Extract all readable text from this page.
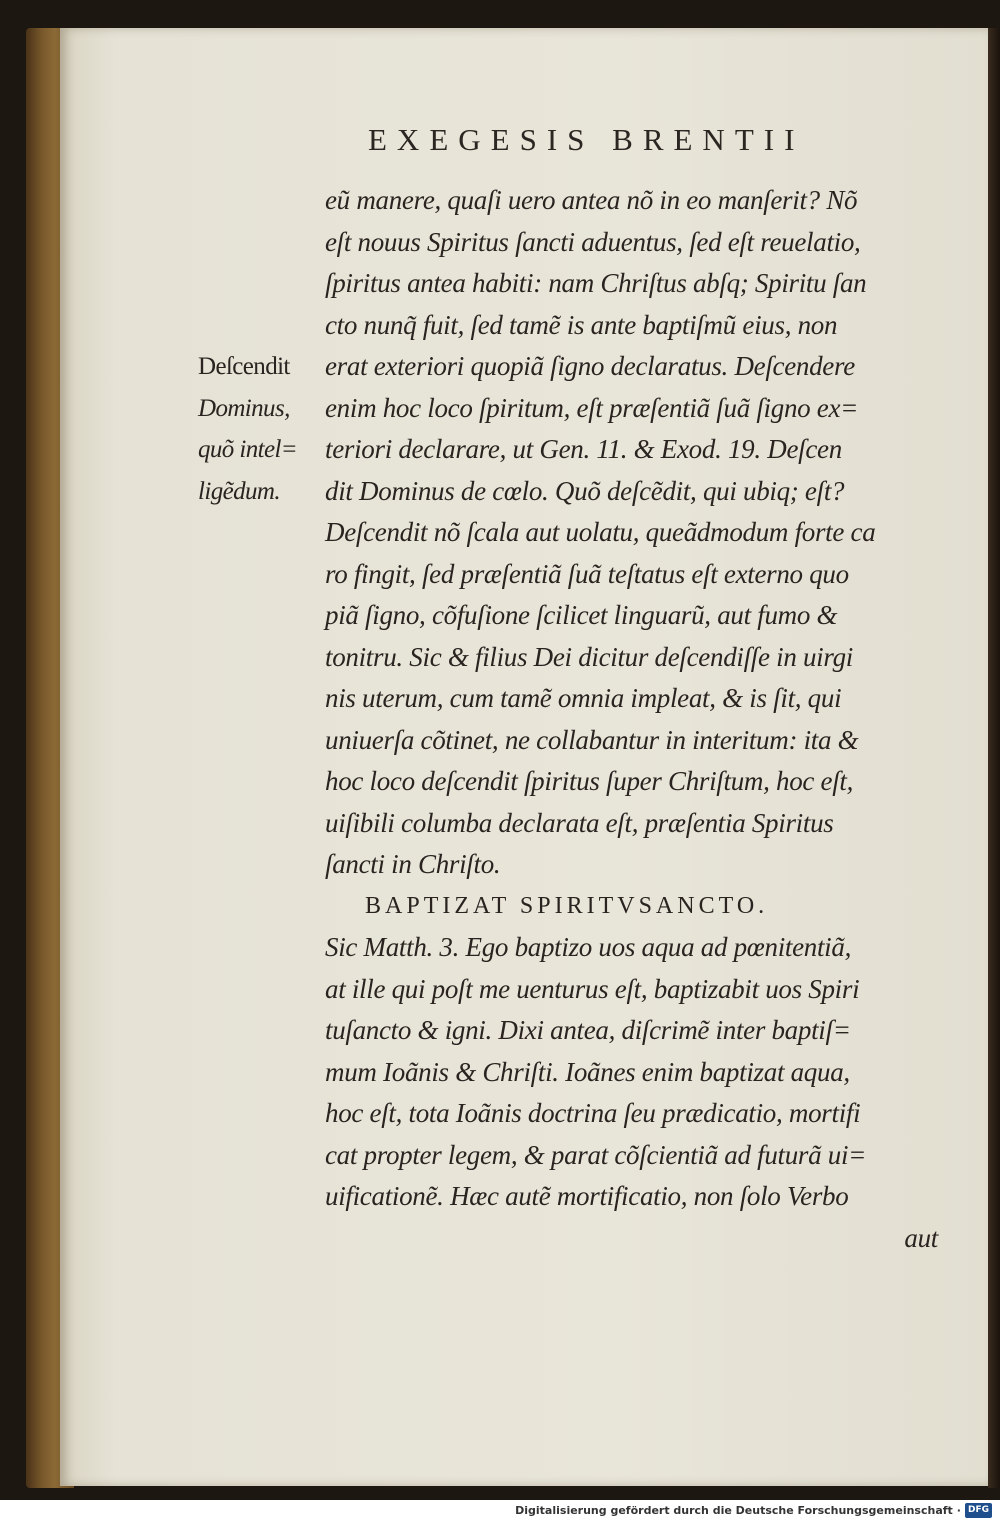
EXEGESIS BRENTII
Deſcendit
Dominus,
quõ intel=
ligẽdum.
eũ manere, quaſi uero antea nõ in eo manſerit? Nõ
eſt nouus Spiritus ſancti aduentus, ſed eſt reuelatio,
ſpiritus antea habiti: nam Chriſtus abſq; Spiritu ſan
cto nunq̃ fuit, ſed tamẽ is ante baptiſmũ eius, non
erat exteriori quopiã ſigno declaratus. Deſcendere
enim hoc loco ſpiritum, eſt præſentiã ſuã ſigno ex=
teriori declarare, ut Gen. 11. & Exod. 19. Deſcen
dit Dominus de cœlo. Quõ deſcẽdit, qui ubiq; eſt?
Deſcendit nõ ſcala aut uolatu, queãdmodum forte ca
ro fingit, ſed præſentiã ſuã teſtatus eſt externo quo
piã ſigno, cõfuſione ſcilicet linguarũ, aut fumo &
tonitru. Sic & filius Dei dicitur deſcendiſſe in uirgi
nis uterum, cum tamẽ omnia impleat, & is ſit, qui
uniuerſa cõtinet, ne collabantur in interitum: ita &
hoc loco deſcendit ſpiritus ſuper Chriſtum, hoc eſt,
uiſibili columba declarata eſt, præſentia Spiritus
ſancti in Chriſto.
BAPTIZAT SPIRITVSANCTO.
Sic Matth. 3. Ego baptizo uos aqua ad pœnitentiã,
at ille qui poſt me uenturus eſt, baptizabit uos Spiri
tuſancto & igni. Dixi antea, diſcrimẽ inter baptiſ=
mum Ioãnis & Chriſti. Ioãnes enim baptizat aqua,
hoc eſt, tota Ioãnis doctrina ſeu prædicatio, mortifi
cat propter legem, & parat cõſcientiã ad futurã ui=
uificationẽ. Hæc autẽ mortificatio, non ſolo Verbo
aut
Digitalisierung gefördert durch die Deutsche Forschungsgemeinschaft · DFG
